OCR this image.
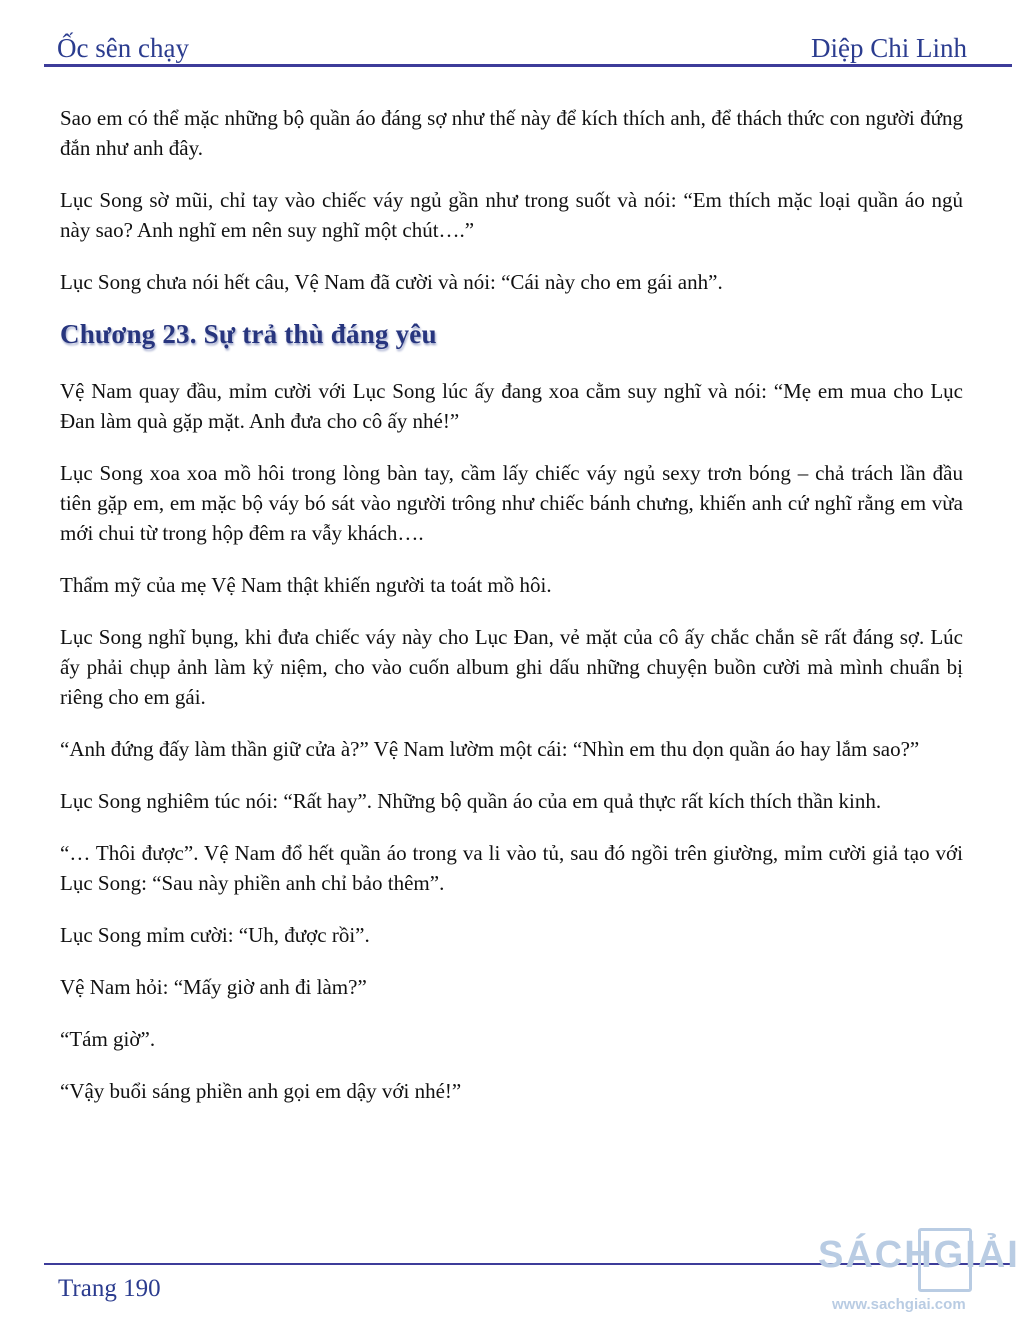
Ốc sên chạy	Diệp Chi Linh

Sao em có thể mặc những bộ quần áo đáng sợ như thế này để kích thích anh, để thách thức con người đứng đắn như anh đây.

Lục Song sờ mũi, chỉ tay vào chiếc váy ngủ gần như trong suốt và nói: “Em thích mặc loại quần áo ngủ này sao? Anh nghĩ em nên suy nghĩ một chút….”

Lục Song chưa nói hết câu, Vệ Nam đã cười và nói: “Cái này cho em gái anh”.

Chương 23. Sự trả thù đáng yêu

Vệ Nam quay đầu, mỉm cười với Lục Song lúc ấy đang xoa cằm suy nghĩ và nói: “Mẹ em mua cho Lục Đan làm quà gặp mặt. Anh đưa cho cô ấy nhé!”

Lục Song xoa xoa mồ hôi trong lòng bàn tay, cầm lấy chiếc váy ngủ sexy trơn bóng – chả trách lần đầu tiên gặp em, em mặc bộ váy bó sát vào người trông như chiếc bánh chưng, khiến anh cứ nghĩ rằng em vừa mới chui từ trong hộp đêm ra vẫy khách….

Thẩm mỹ của mẹ Vệ Nam thật khiến người ta toát mồ hôi.

Lục Song nghĩ bụng, khi đưa chiếc váy này cho Lục Đan, vẻ mặt của cô ấy chắc chắn sẽ rất đáng sợ. Lúc ấy phải chụp ảnh làm kỷ niệm, cho vào cuốn album ghi dấu những chuyện buồn cười mà mình chuẩn bị riêng cho em gái.

“Anh đứng đấy làm thần giữ cửa à?” Vệ Nam lườm một cái: “Nhìn em thu dọn quần áo hay lắm sao?”

Lục Song nghiêm túc nói: “Rất hay”. Những bộ quần áo của em quả thực rất kích thích thần kinh.

“… Thôi được”. Vệ Nam đổ hết quần áo trong va li vào tủ, sau đó ngồi trên giường, mỉm cười giả tạo với Lục Song: “Sau này phiền anh chỉ bảo thêm”.

Lục Song mỉm cười: “Uh, được rồi”.

Vệ Nam hỏi: “Mấy giờ anh đi làm?”

“Tám giờ”.

“Vậy buổi sáng phiền anh gọi em dậy với nhé!”

Trang 190
SÁCHGIẢI
www.sachgiai.com
